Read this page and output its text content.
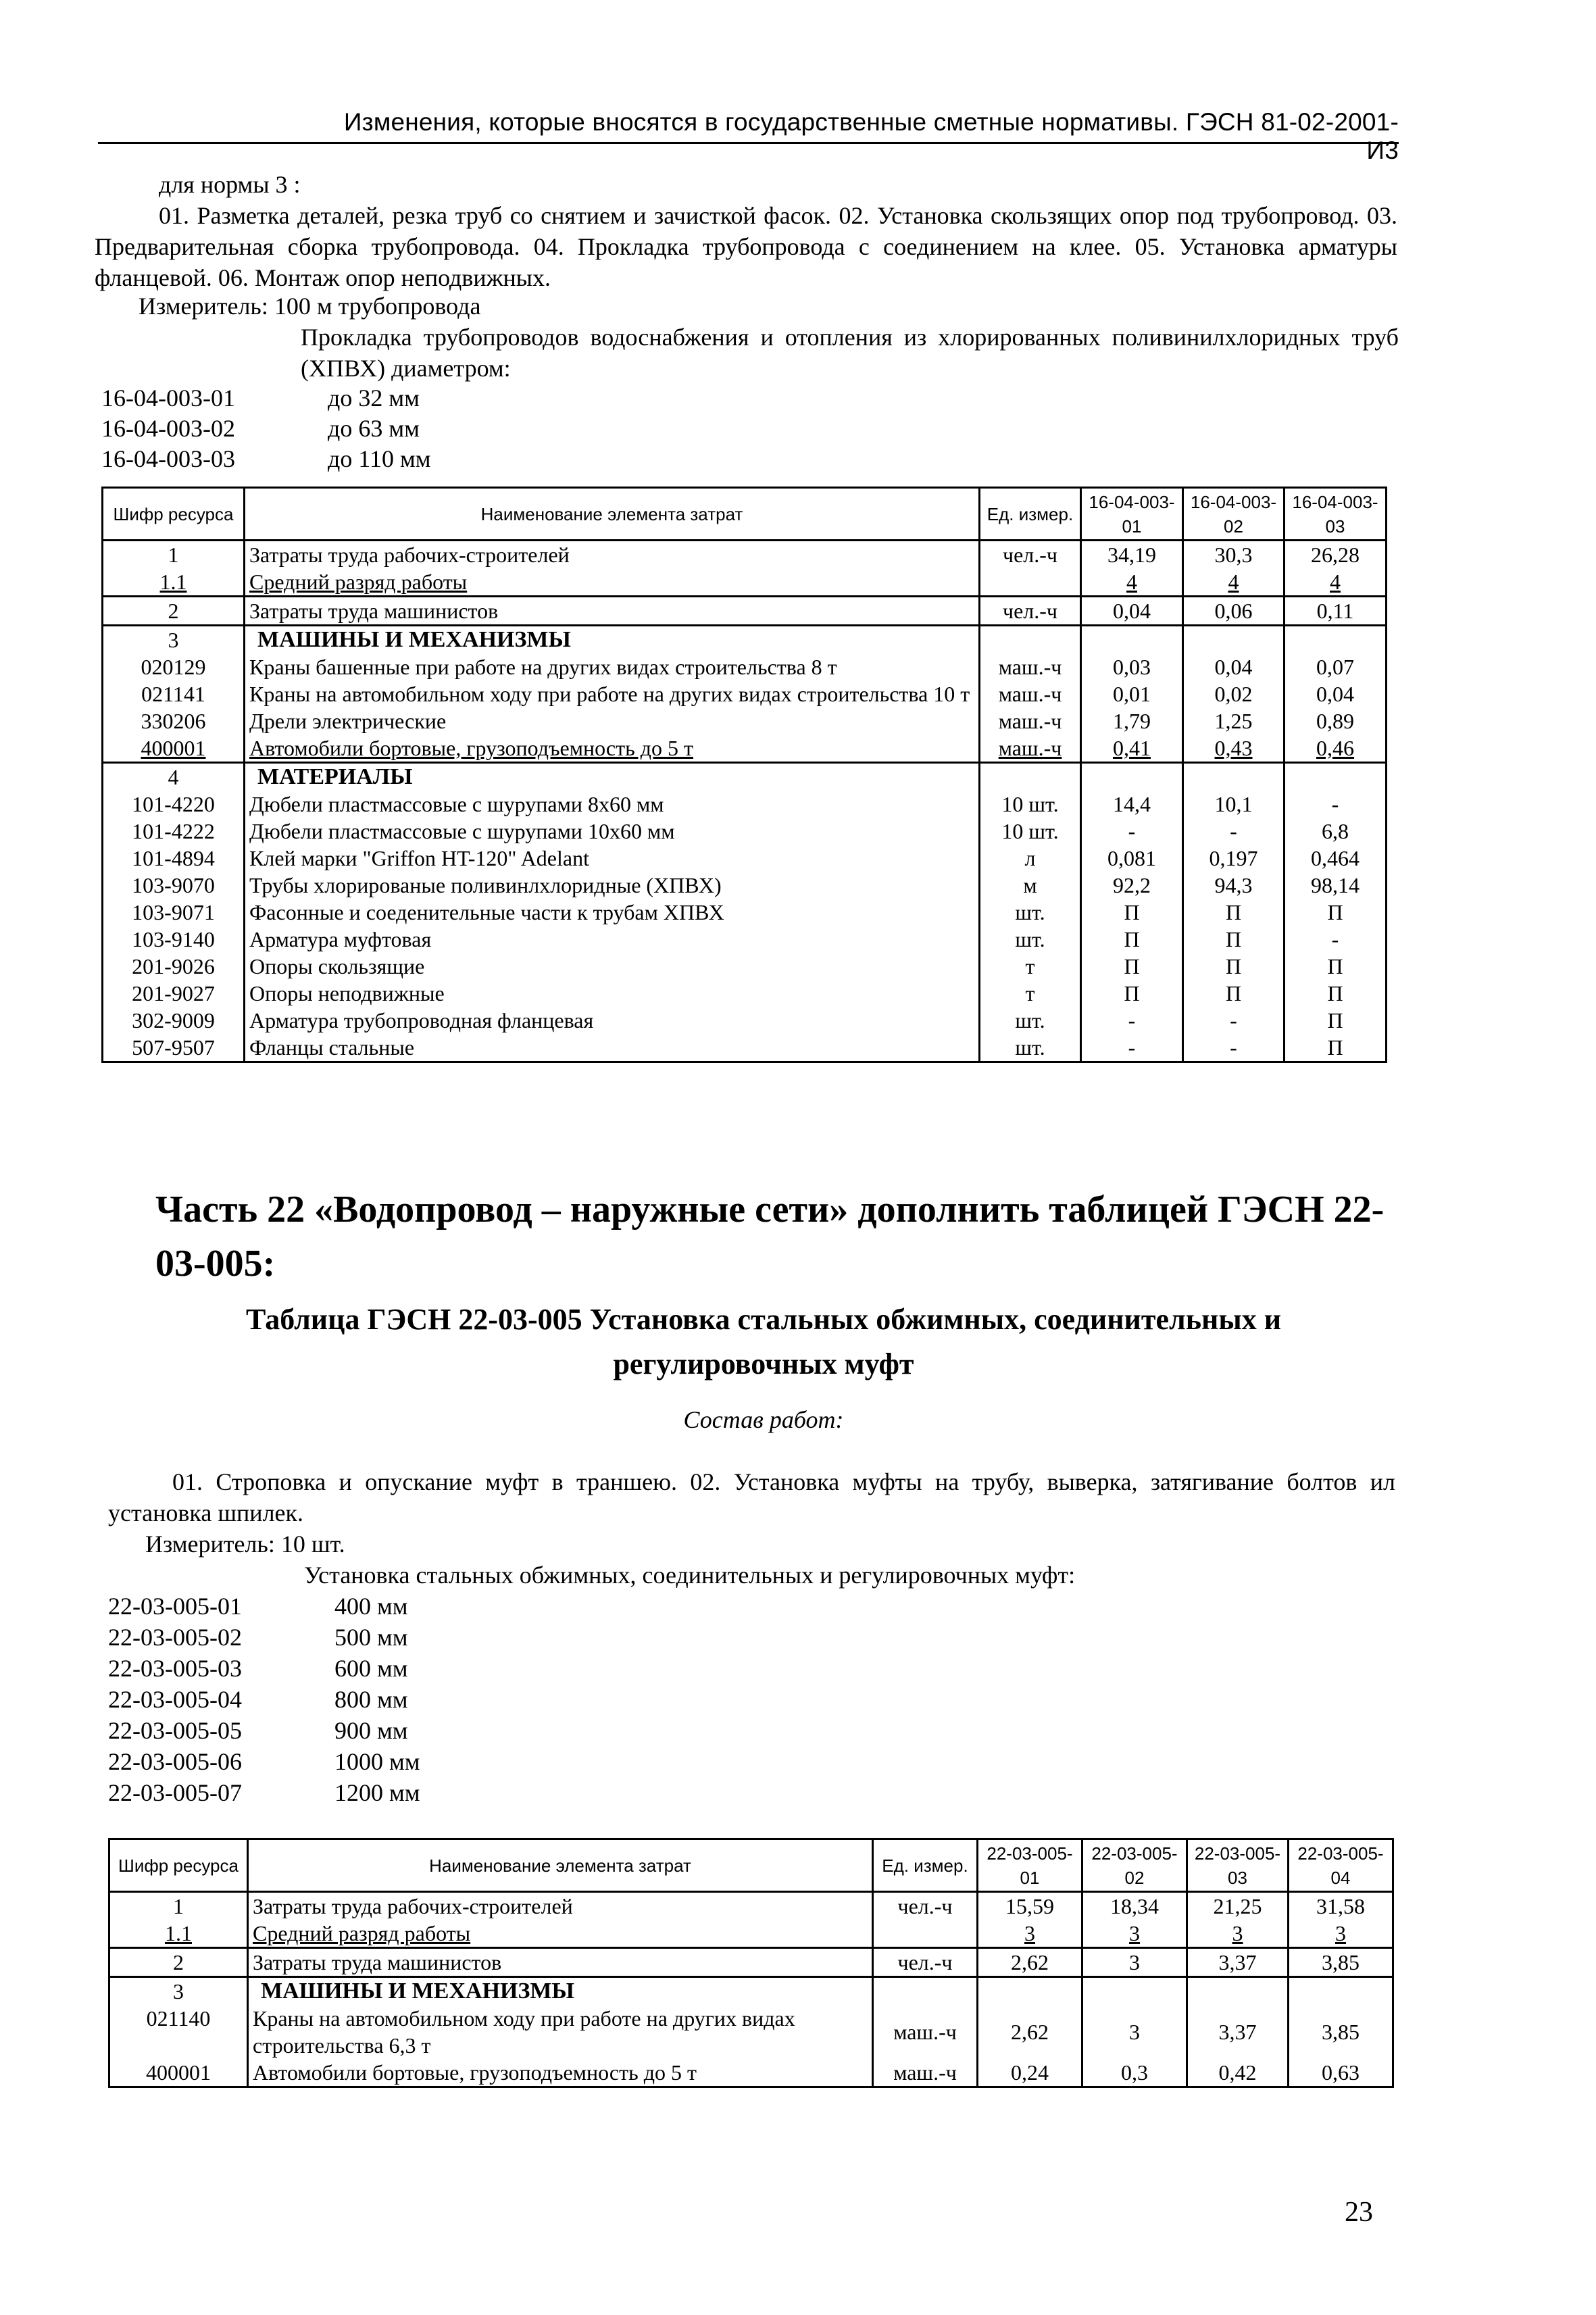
Изменения, которые вносятся в государственные сметные нормативы. ГЭСН 81-02-2001-И3
для нормы 3 :
01. Разметка деталей, резка труб со снятием и зачисткой фасок. 02. Установка скользящих опор под трубопровод. 03. Предварительная сборка трубопровода. 04. Прокладка трубопровода с соединением на клее. 05. Установка арматуры фланцевой. 06. Монтаж опор неподвижных.
Измеритель: 100 м трубопровода
Прокладка трубопроводов водоснабжения и отопления из хлорированных поливинилхлоридных труб (ХПВХ) диаметром:
16-04-003-01	до 32 мм
16-04-003-02	до 63 мм
16-04-003-03	до 110 мм
Шифр ресурса	Наименование элемента затрат	Ед. измер.	16-04-003-01	16-04-003-02	16-04-003-03
1	Затраты труда рабочих-строителей	чел.-ч	34,19	30,3	26,28
1.1	Средний разряд работы		4	4	4
2	Затраты труда машинистов	чел.-ч	0,04	0,06	0,11
3	МАШИНЫ И МЕХАНИЗМЫ				
020129	Краны башенные при работе на других видах строительства 8 т	маш.-ч	0,03	0,04	0,07
021141	Краны на автомобильном ходу при работе на других видах строительства 10 т	маш.-ч	0,01	0,02	0,04
330206	Дрели электрические	маш.-ч	1,79	1,25	0,89
400001	Автомобили бортовые, грузоподъемность до 5 т	маш.-ч	0,41	0,43	0,46
4	МАТЕРИАЛЫ				
101-4220	Дюбели пластмассовые с шурупами 8х60 мм	10 шт.	14,4	10,1	-
101-4222	Дюбели пластмассовые с шурупами 10х60 мм	10 шт.	-	-	6,8
101-4894	Клей марки "Griffon HT-120" Adelant	л	0,081	0,197	0,464
103-9070	Трубы хлорированые поливинлхлоридные (ХПВХ)	м	92,2	94,3	98,14
103-9071	Фасонные и соеденительные части к трубам ХПВХ	шт.	П	П	П
103-9140	Арматура муфтовая	шт.	П	П	-
201-9026	Опоры скользящие	т	П	П	П
201-9027	Опоры неподвижные	т	П	П	П
302-9009	Арматура трубопроводная фланцевая	шт.	-	-	П
507-9507	Фланцы стальные	шт.	-	-	П
Часть 22 «Водопровод – наружные сети» дополнить таблицей ГЭСН 22-03-005:
Таблица ГЭСН 22-03-005 Установка стальных обжимных, соединительных и
регулировочных муфт
Состав работ:
01. Строповка и опускание муфт в траншею. 02. Установка муфты на трубу, выверка, затягивание болтов ил установка шпилек.
Измеритель: 10 шт.
Установка стальных обжимных, соединительных и регулировочных муфт:
22-03-005-01	400 мм
22-03-005-02	500 мм
22-03-005-03	600 мм
22-03-005-04	800 мм
22-03-005-05	900 мм
22-03-005-06	1000 мм
22-03-005-07	1200 мм
Шифр ресурса	Наименование элемента затрат	Ед. измер.	22-03-005-01	22-03-005-02	22-03-005-03	22-03-005-04
1	Затраты труда рабочих-строителей	чел.-ч	15,59	18,34	21,25	31,58
1.1	Средний разряд работы		3	3	3	3
2	Затраты труда машинистов	чел.-ч	2,62	3	3,37	3,85
3	МАШИНЫ И МЕХАНИЗМЫ					
021140	Краны на автомобильном ходу при работе на других видах строительства 6,3 т	маш.-ч	2,62	3	3,37	3,85
400001	Автомобили бортовые, грузоподъемность до 5 т	маш.-ч	0,24	0,3	0,42	0,63
23
